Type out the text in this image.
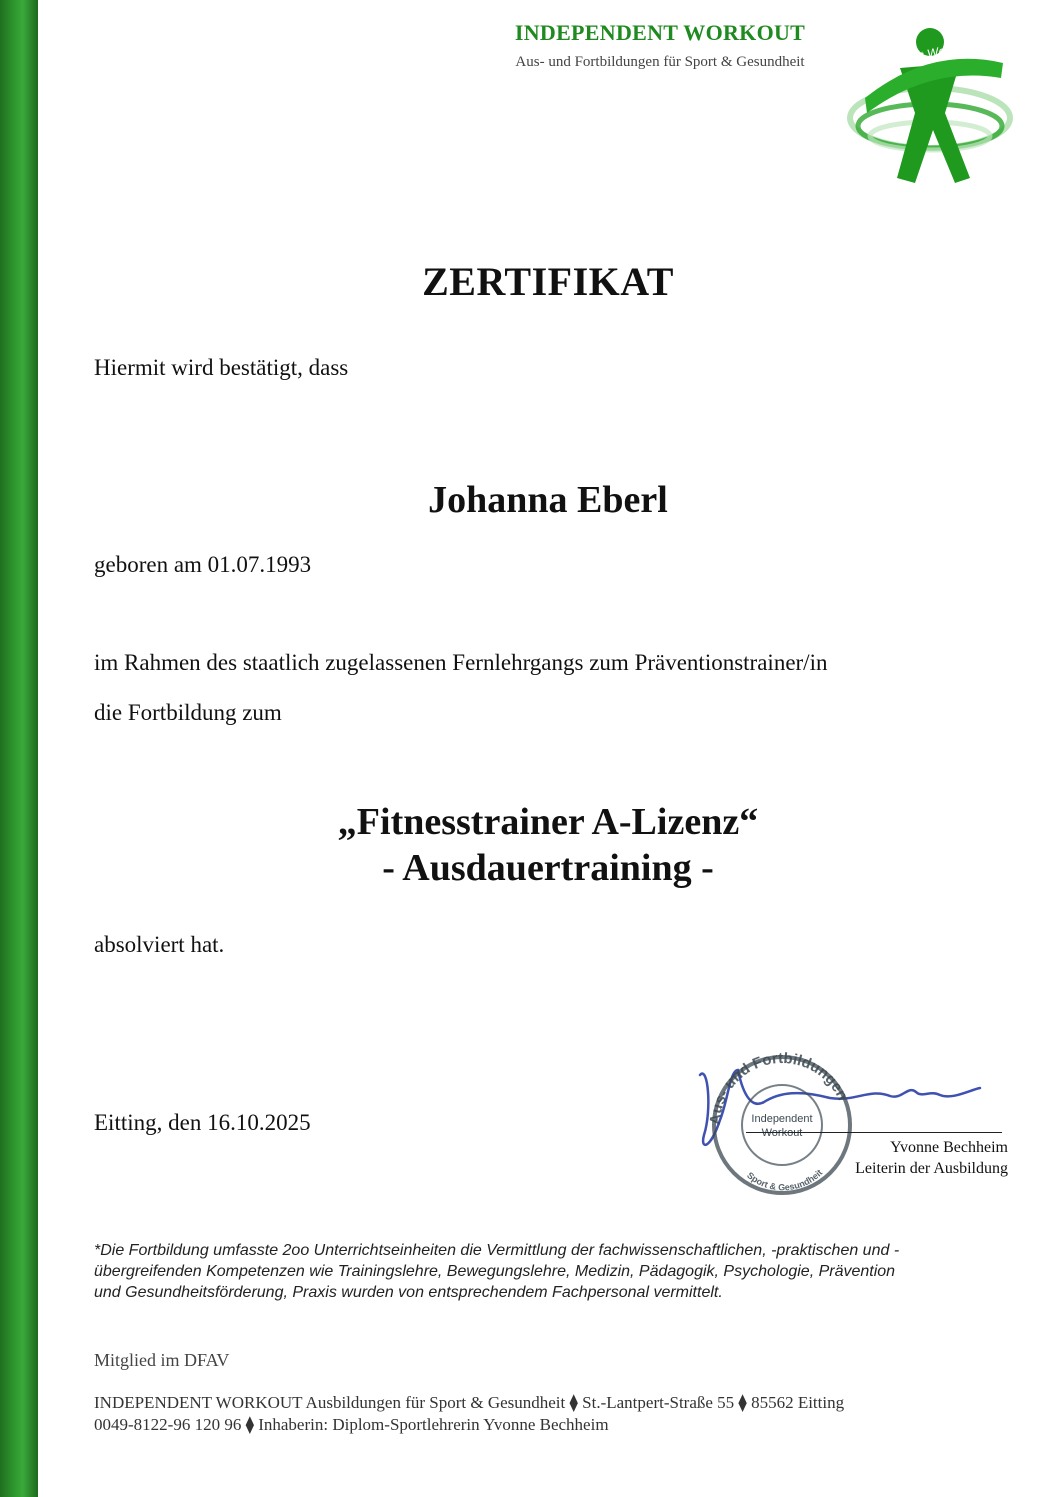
INDEPENDENT WORKOUT
Aus- und Fortbildungen für Sport & Gesundheit
Independent Workout
ZERTIFIKAT
Hiermit wird bestätigt, dass
Johanna Eberl
geboren am 01.07.1993
im Rahmen des staatlich zugelassenen Fernlehrgangs zum Präventionstrainer/in
die Fortbildung zum
„Fitnesstrainer A-Lizenz“
- Ausdauertraining -
absolviert hat.
Eitting, den 16.10.2025	Aus- und Fortbildungen
Independent
Workout
Sport & Gesundheit
Yvonne Bechheim
Leiterin der Ausbildung
*Die Fortbildung umfasste 2oo Unterrichtseinheiten die Vermittlung der fachwissenschaftlichen, -praktischen und -
übergreifenden Kompetenzen wie Trainingslehre, Bewegungslehre, Medizin, Pädagogik, Psychologie, Prävention
und Gesundheitsförderung, Praxis wurden von entsprechendem Fachpersonal vermittelt.
Mitglied im DFAV
INDEPENDENT WORKOUT Ausbildungen für Sport & Gesundheit ⧫ St.-Lantpert-Straße 55 ⧫ 85562 Eitting
0049-8122-96 120 96 ⧫ Inhaberin: Diplom-Sportlehrerin Yvonne Bechheim
